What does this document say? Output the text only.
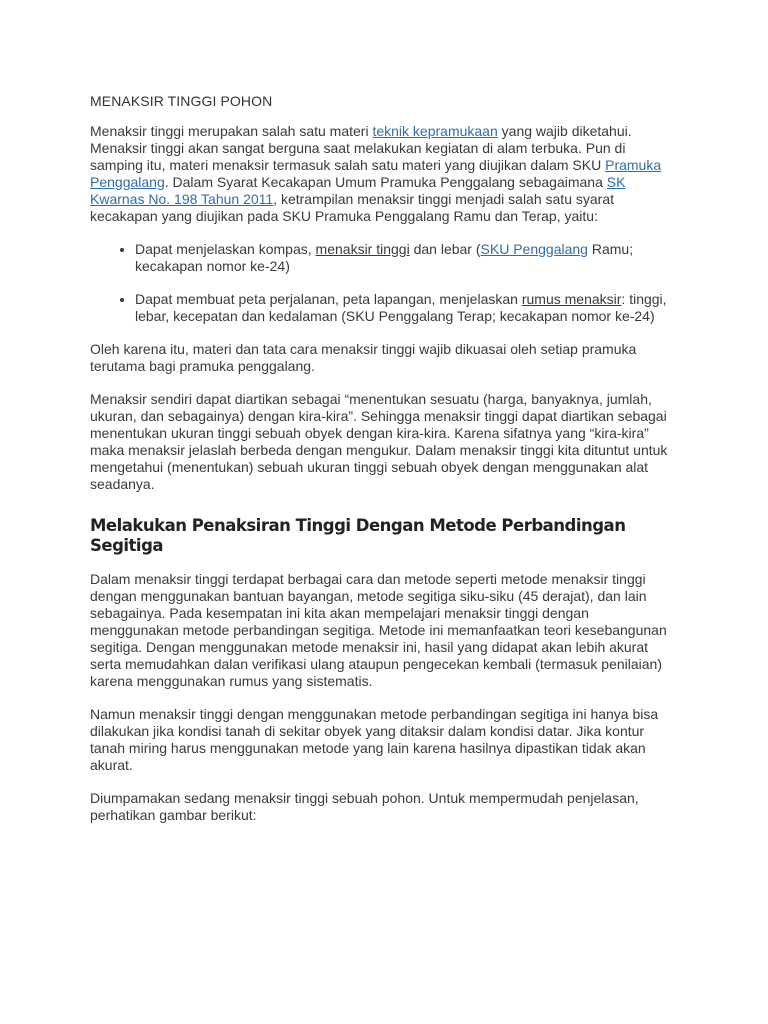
MENAKSIR TINGGI POHON

Menaksir tinggi merupakan salah satu materi teknik kepramukaan yang wajib diketahui. Menaksir tinggi akan sangat berguna saat melakukan kegiatan di alam terbuka. Pun di samping itu, materi menaksir termasuk salah satu materi yang diujikan dalam SKU Pramuka Penggalang. Dalam Syarat Kecakapan Umum Pramuka Penggalang sebagaimana SK Kwarnas No. 198 Tahun 2011, ketrampilan menaksir tinggi menjadi salah satu syarat kecakapan yang diujikan pada SKU Pramuka Penggalang Ramu dan Terap, yaitu:

• Dapat menjelaskan kompas, menaksir tinggi dan lebar (SKU Penggalang Ramu; kecakapan nomor ke-24)
• Dapat membuat peta perjalanan, peta lapangan, menjelaskan rumus menaksir: tinggi, lebar, kecepatan dan kedalaman (SKU Penggalang Terap; kecakapan nomor ke-24)

Oleh karena itu, materi dan tata cara menaksir tinggi wajib dikuasai oleh setiap pramuka terutama bagi pramuka penggalang.

Menaksir sendiri dapat diartikan sebagai “menentukan sesuatu (harga, banyaknya, jumlah, ukuran, dan sebagainya) dengan kira-kira”. Sehingga menaksir tinggi dapat diartikan sebagai menentukan ukuran tinggi sebuah obyek dengan kira-kira. Karena sifatnya yang “kira-kira” maka menaksir jelaslah berbeda dengan mengukur. Dalam menaksir tinggi kita dituntut untuk mengetahui (menentukan) sebuah ukuran tinggi sebuah obyek dengan menggunakan alat seadanya.

Melakukan Penaksiran Tinggi Dengan Metode Perbandingan Segitiga

Dalam menaksir tinggi terdapat berbagai cara dan metode seperti metode menaksir tinggi dengan menggunakan bantuan bayangan, metode segitiga siku-siku (45 derajat), dan lain sebagainya. Pada kesempatan ini kita akan mempelajari menaksir tinggi dengan menggunakan metode perbandingan segitiga. Metode ini memanfaatkan teori kesebangunan segitiga. Dengan menggunakan metode menaksir ini, hasil yang didapat akan lebih akurat serta memudahkan dalan verifikasi ulang ataupun pengecekan kembali (termasuk penilaian) karena menggunakan rumus yang sistematis.

Namun menaksir tinggi dengan menggunakan metode perbandingan segitiga ini hanya bisa dilakukan jika kondisi tanah di sekitar obyek yang ditaksir dalam kondisi datar. Jika kontur tanah miring harus menggunakan metode yang lain karena hasilnya dipastikan tidak akan akurat.

Diumpamakan sedang menaksir tinggi sebuah pohon. Untuk mempermudah penjelasan, perhatikan gambar berikut:
